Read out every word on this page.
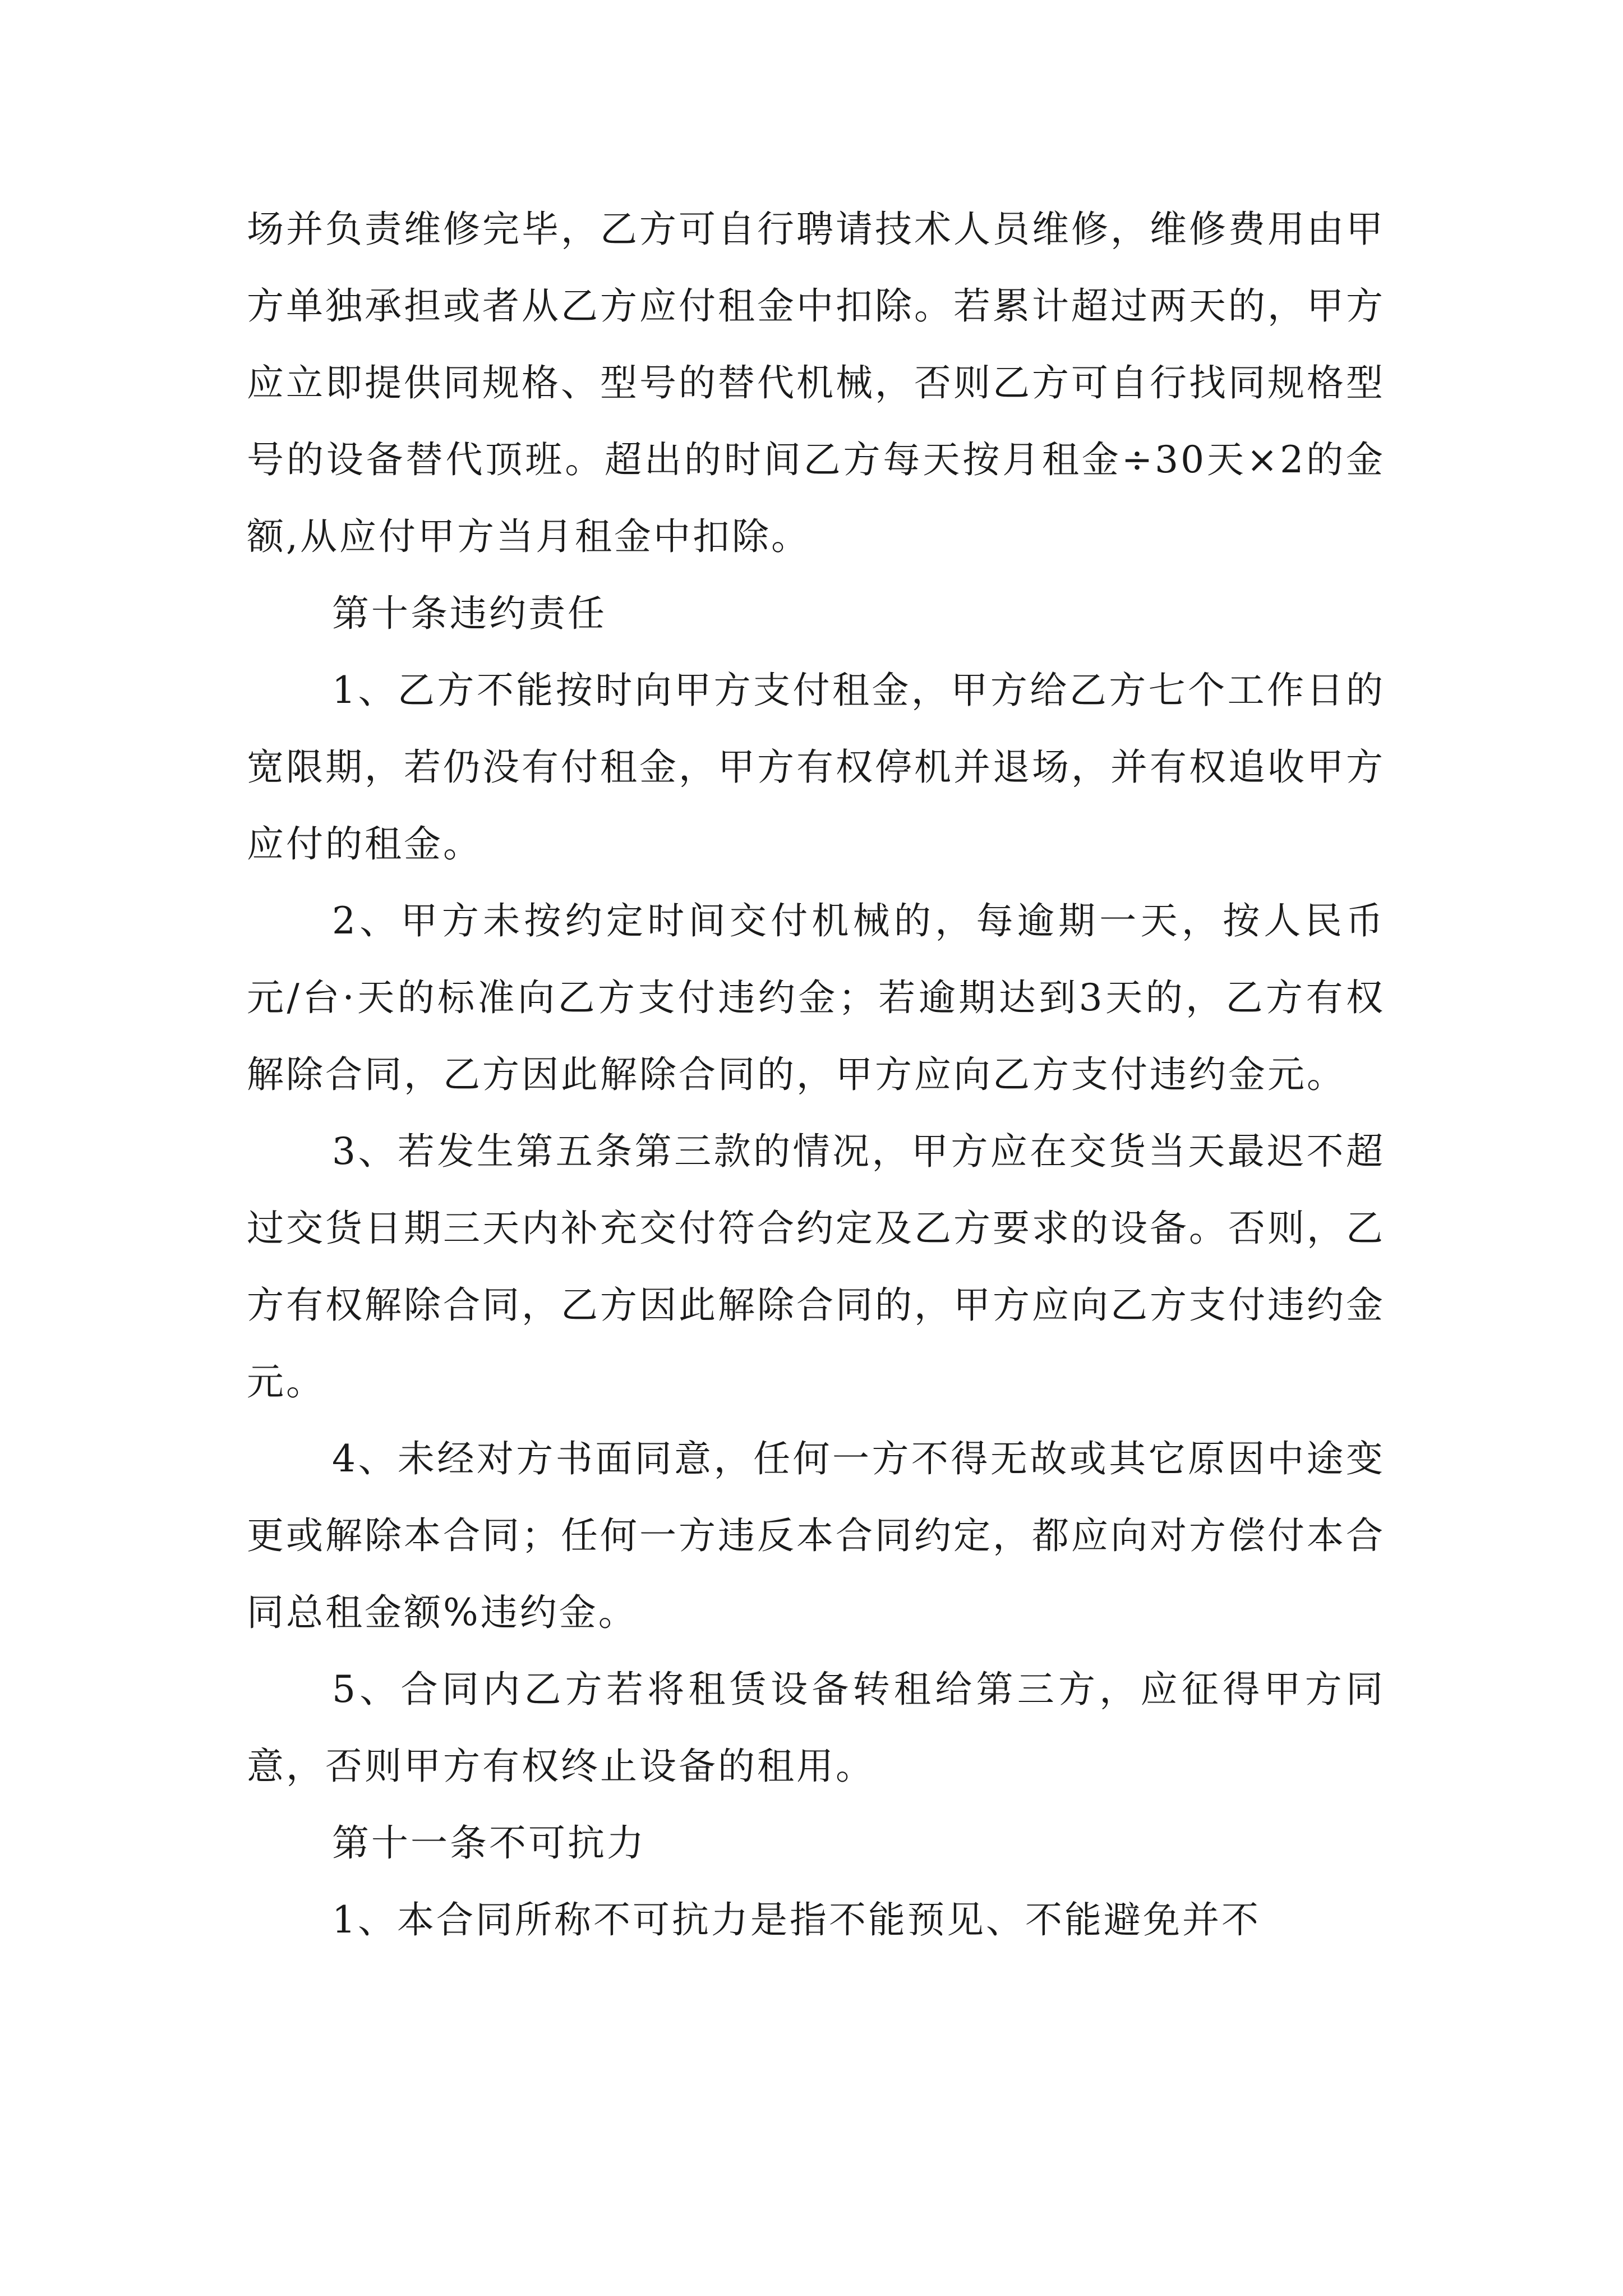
场并负责维修完毕，乙方可自行聘请技术人员维修，维修费用由甲方单独承担或者从乙方应付租金中扣除。若累计超过两天的，甲方应立即提供同规格、型号的替代机械，否则乙方可自行找同规格型号的设备替代顶班。超出的时间乙方每天按月租金÷30天×2的金额,从应付甲方当月租金中扣除。

第十条违约责任

1、乙方不能按时向甲方支付租金，甲方给乙方七个工作日的宽限期，若仍没有付租金，甲方有权停机并退场，并有权追收甲方应付的租金。

2、甲方未按约定时间交付机械的，每逾期一天，按人民币元/台·天的标准向乙方支付违约金；若逾期达到3天的，乙方有权解除合同，乙方因此解除合同的，甲方应向乙方支付违约金元。

3、若发生第五条第三款的情况，甲方应在交货当天最迟不超过交货日期三天内补充交付符合约定及乙方要求的设备。否则，乙方有权解除合同，乙方因此解除合同的，甲方应向乙方支付违约金元。

4、未经对方书面同意，任何一方不得无故或其它原因中途变更或解除本合同；任何一方违反本合同约定，都应向对方偿付本合同总租金额%违约金。

5、合同内乙方若将租赁设备转租给第三方，应征得甲方同意，否则甲方有权终止设备的租用。

第十一条不可抗力

1、本合同所称不可抗力是指不能预见、不能避免并不
